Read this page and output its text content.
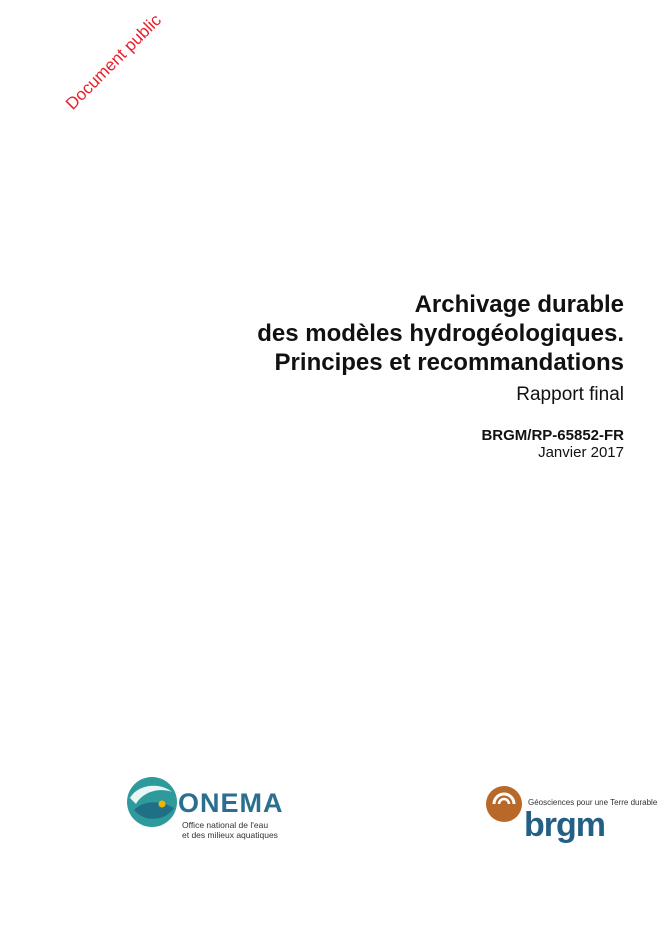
Document public
Archivage durable
des modèles hydrogéologiques.
Principes et recommandations
Rapport final
BRGM/RP-65852-FR
Janvier 2017
ONEMA
Office national de l'eau
et des milieux aquatiques
Géosciences pour une Terre durable
brgm
